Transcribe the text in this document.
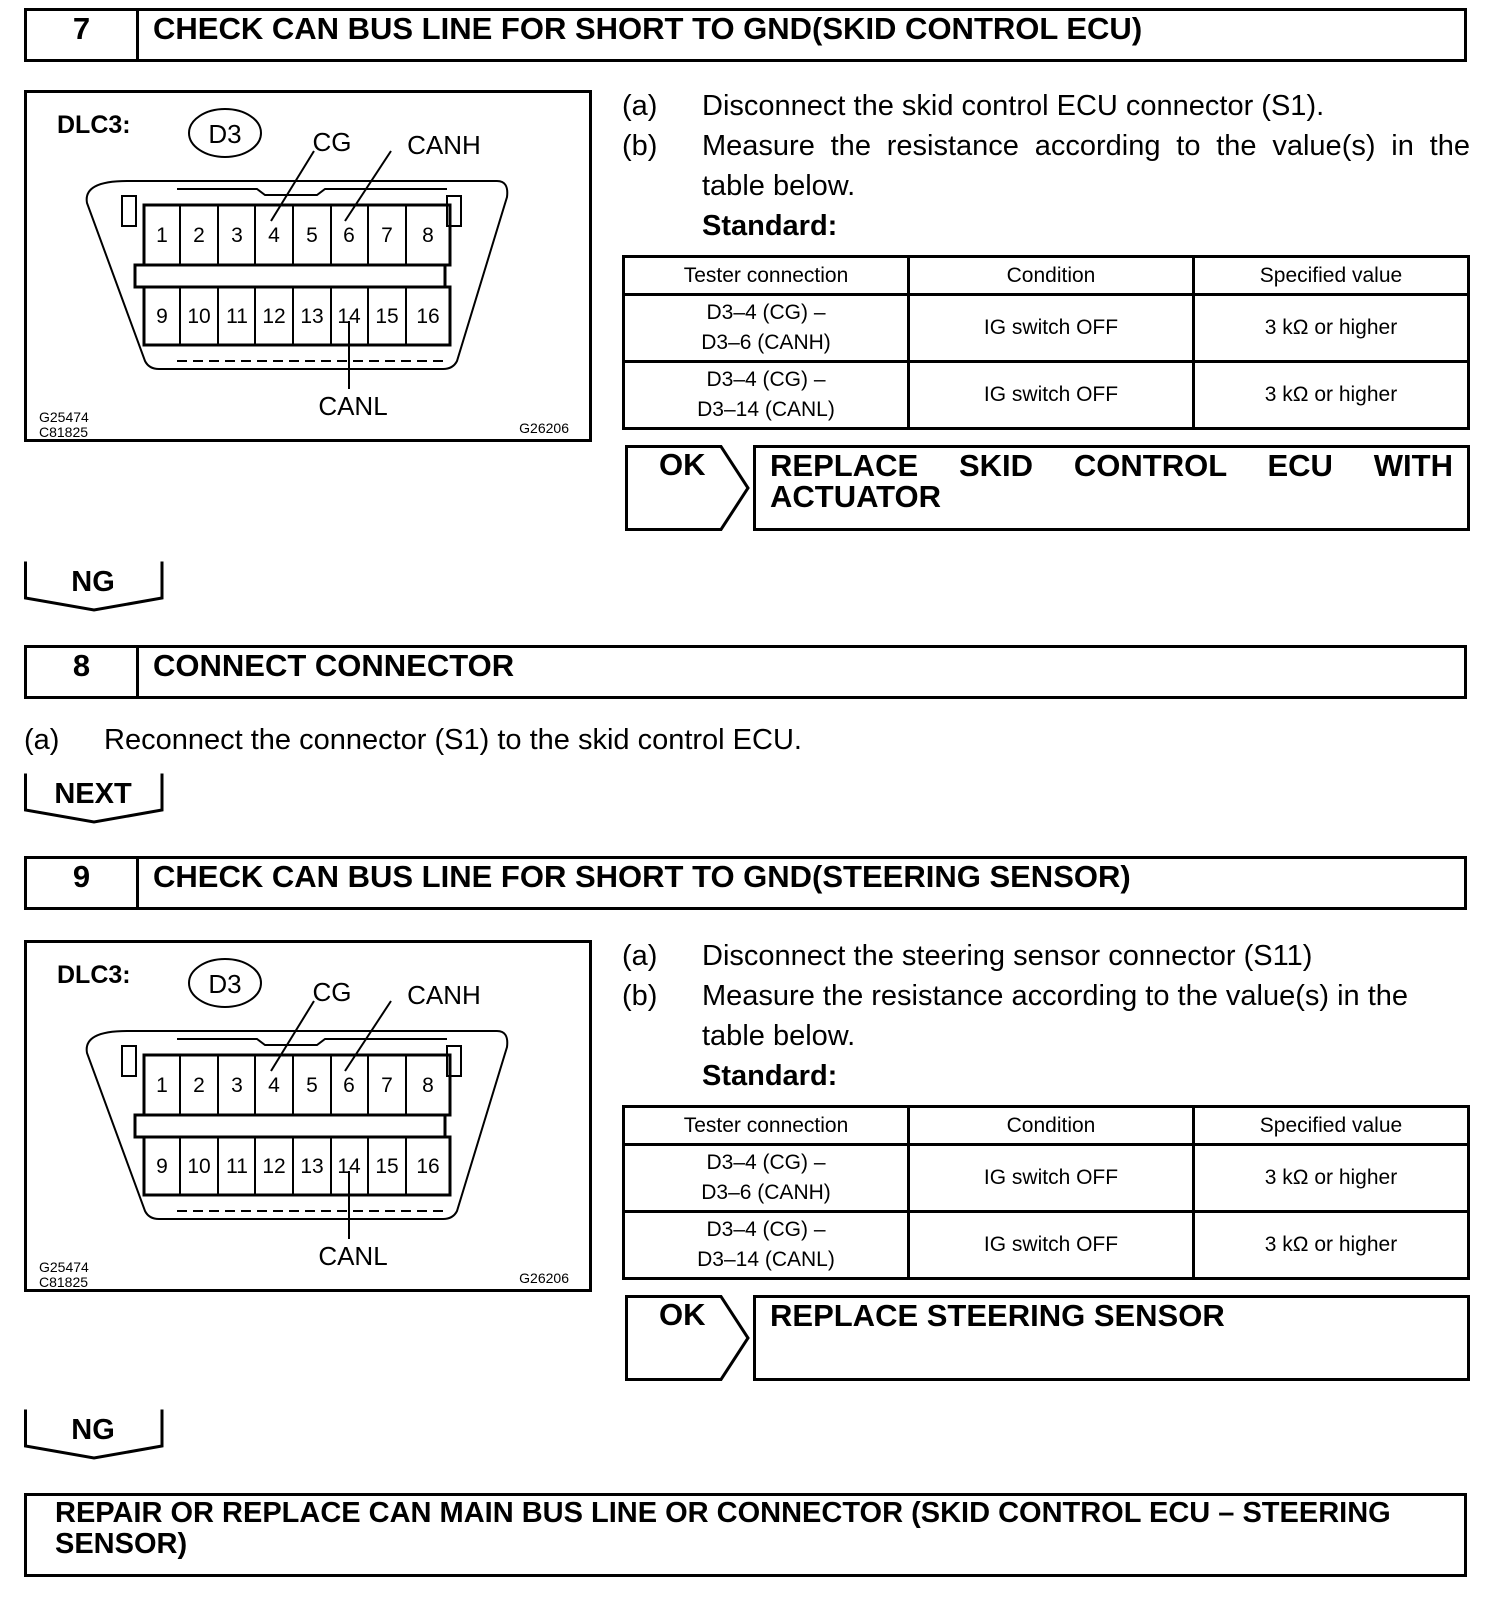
7	CHECK CAN BUS LINE FOR SHORT TO GND(SKID CONTROL ECU)
DLC3:	D3	CG CANH
CANL
1 2 3 4 5 6 7 8
9 10 11 12 13 14 15 16
G25474
C81825	G26206
(a)	Disconnect the skid control ECU connector (S1).
(b)	Measure the resistance according to the value(s) in the table below.
Standard:
Tester connection	Condition	Specified value

D3–4 (CG) –
D3–6 (CANH)	IG switch OFF	3 kΩ or higher

D3–4 (CG) –
D3–14 (CANL)	IG switch OFF	3 kΩ or higher
OK REPLACE SKID CONTROL ECU WITH
ACTUATOR
NG
8	CONNECT CONNECTOR
(a)	Reconnect the connector (S1) to the skid control ECU.
NEXT
9	CHECK CAN BUS LINE FOR SHORT TO GND(STEERING SENSOR)
DLC3:	D3	CG CANH
CANL
1 2 3 4 5 6 7 8
9 10 11 12 13 14 15 16
G25474
C81825	G26206
(a)	Disconnect the steering sensor connector (S11)
(b)	Measure the resistance according to the value(s) in the table below.
Standard:
Tester connection	Condition	Specified value

D3–4 (CG) –
D3–6 (CANH)	IG switch OFF	3 kΩ or higher

D3–4 (CG) –
D3–14 (CANL)	IG switch OFF	3 kΩ or higher
OK REPLACE STEERING SENSOR
NG
REPAIR OR REPLACE CAN MAIN BUS LINE OR CONNECTOR (SKID CONTROL ECU – STEERING SENSOR)
